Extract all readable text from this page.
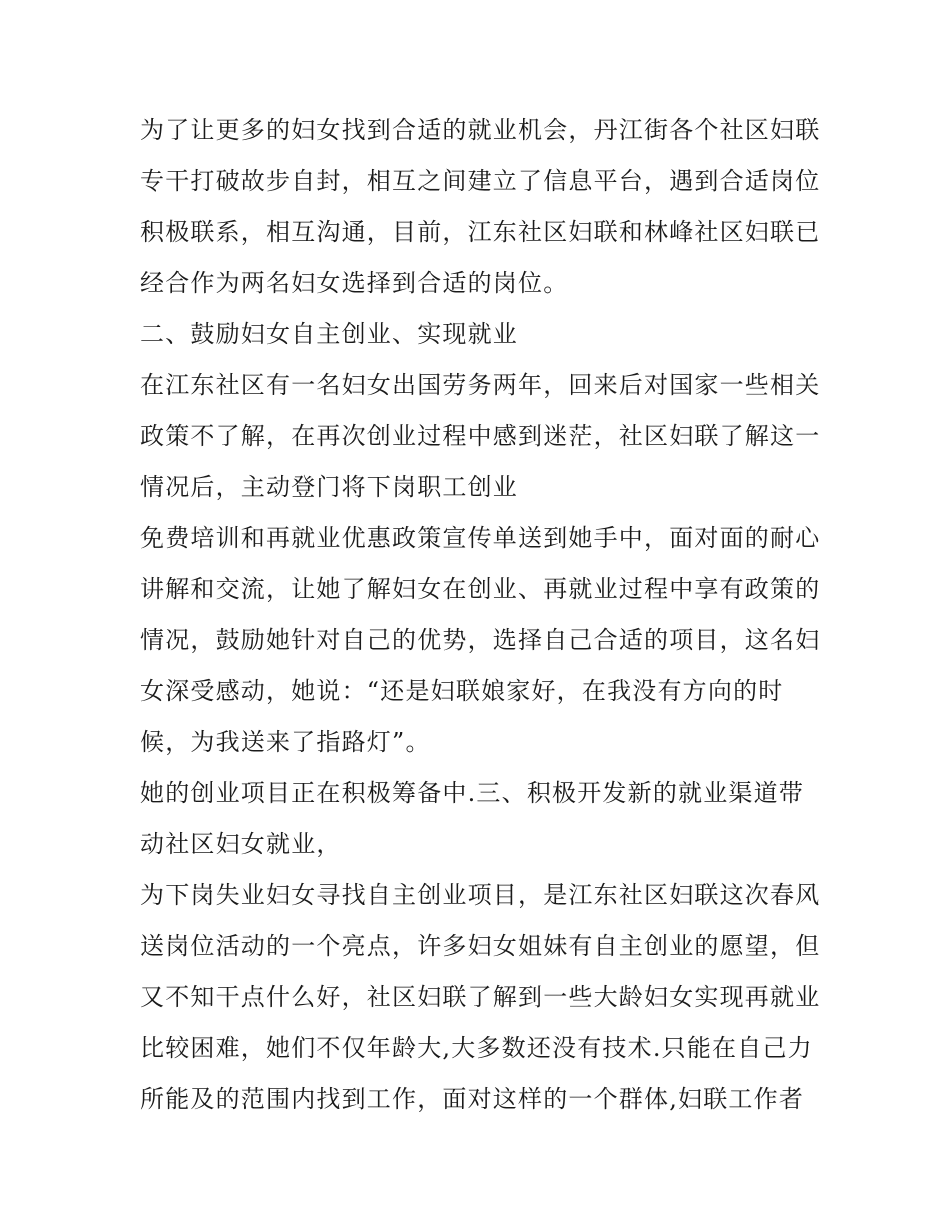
为了让更多的妇女找到合适的就业机会，丹江街各个社区妇联
专干打破故步自封，相互之间建立了信息平台，遇到合适岗位
积极联系，相互沟通，目前，江东社区妇联和林峰社区妇联已
经合作为两名妇女选择到合适的岗位。
二、鼓励妇女自主创业、实现就业
在江东社区有一名妇女出国劳务两年，回来后对国家一些相关
政策不了解，在再次创业过程中感到迷茫，社区妇联了解这一
情况后，主动登门将下岗职工创业
免费培训和再就业优惠政策宣传单送到她手中，面对面的耐心
讲解和交流，让她了解妇女在创业、再就业过程中享有政策的
情况，鼓励她针对自己的优势，选择自己合适的项目，这名妇
女深受感动，她说：“还是妇联娘家好，在我没有方向的时
候，为我送来了指路灯”。
她的创业项目正在积极筹备中.三、积极开发新的就业渠道带
动社区妇女就业，
为下岗失业妇女寻找自主创业项目，是江东社区妇联这次春风
送岗位活动的一个亮点，许多妇女姐妹有自主创业的愿望，但
又不知干点什么好，社区妇联了解到一些大龄妇女实现再就业
比较困难，她们不仅年龄大,大多数还没有技术.只能在自己力
所能及的范围内找到工作，面对这样的一个群体,妇联工作者
